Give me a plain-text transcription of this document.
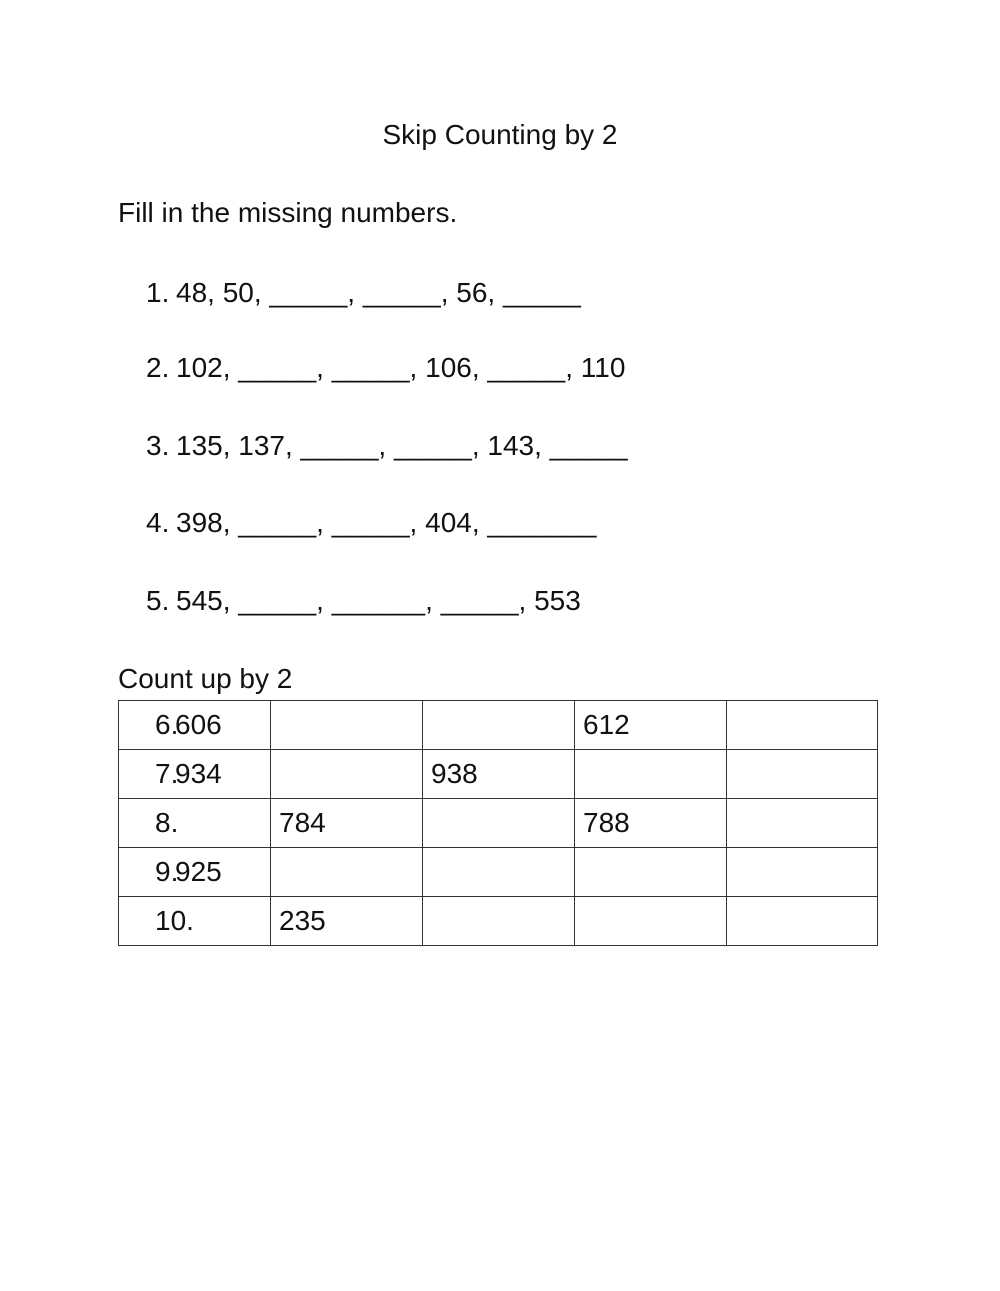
Skip Counting by 2
Fill in the missing numbers.
1. 48, 50, _____, _____, 56, _____
2. 102, _____, _____, 106, _____, 110
3. 135, 137, _____, _____, 143, _____
4. 398, _____, _____, 404, _______
5. 545, _____, ______, _____, 553
Count up by 2
6.606			612	
7.934		938		
8.	784		788	
9.925				
10.	235			
